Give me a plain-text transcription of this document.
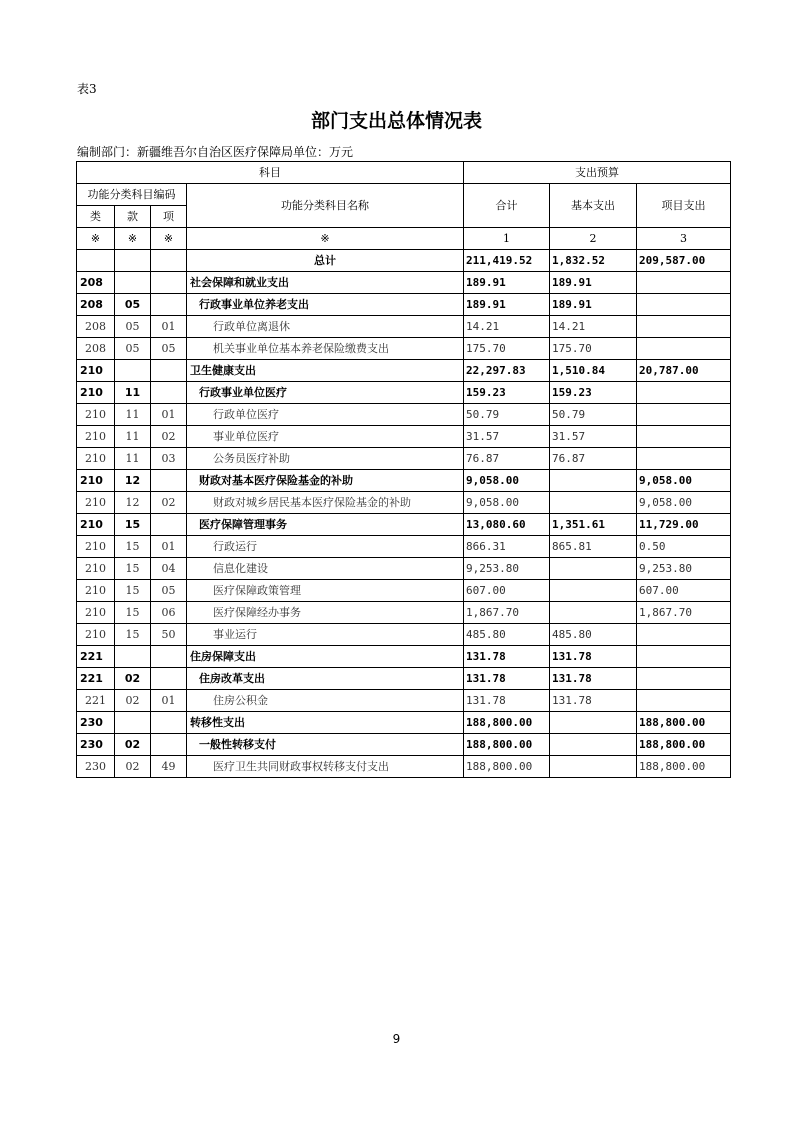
表3
部门支出总体情况表
编制部门：新疆维吾尔自治区医疗保障局单位：万元
科目				支出预算		
功能分类科目编码			功能分类科目名称	合计	基本支出	项目支出
类	款	项				
※	※	※	※	1	2	3
			总计	211,419.52	1,832.52	209,587.00
208			社会保障和就业支出	189.91	189.91	
208	05		行政事业单位养老支出	189.91	189.91	
208	05	01	行政单位离退休	14.21	14.21	
208	05	05	机关事业单位基本养老保险缴费支出	175.70	175.70	
210			卫生健康支出	22,297.83	1,510.84	20,787.00
210	11		行政事业单位医疗	159.23	159.23	
210	11	01	行政单位医疗	50.79	50.79	
210	11	02	事业单位医疗	31.57	31.57	
210	11	03	公务员医疗补助	76.87	76.87	
210	12		财政对基本医疗保险基金的补助	9,058.00		9,058.00
210	12	02	财政对城乡居民基本医疗保险基金的补助	9,058.00		9,058.00
210	15		医疗保障管理事务	13,080.60	1,351.61	11,729.00
210	15	01	行政运行	866.31	865.81	0.50
210	15	04	信息化建设	9,253.80		9,253.80
210	15	05	医疗保障政策管理	607.00		607.00
210	15	06	医疗保障经办事务	1,867.70		1,867.70
210	15	50	事业运行	485.80	485.80	
221			住房保障支出	131.78	131.78	
221	02		住房改革支出	131.78	131.78	
221	02	01	住房公积金	131.78	131.78	
230			转移性支出	188,800.00		188,800.00
230	02		一般性转移支付	188,800.00		188,800.00
230	02	49	医疗卫生共同财政事权转移支付支出	188,800.00		188,800.00
9
